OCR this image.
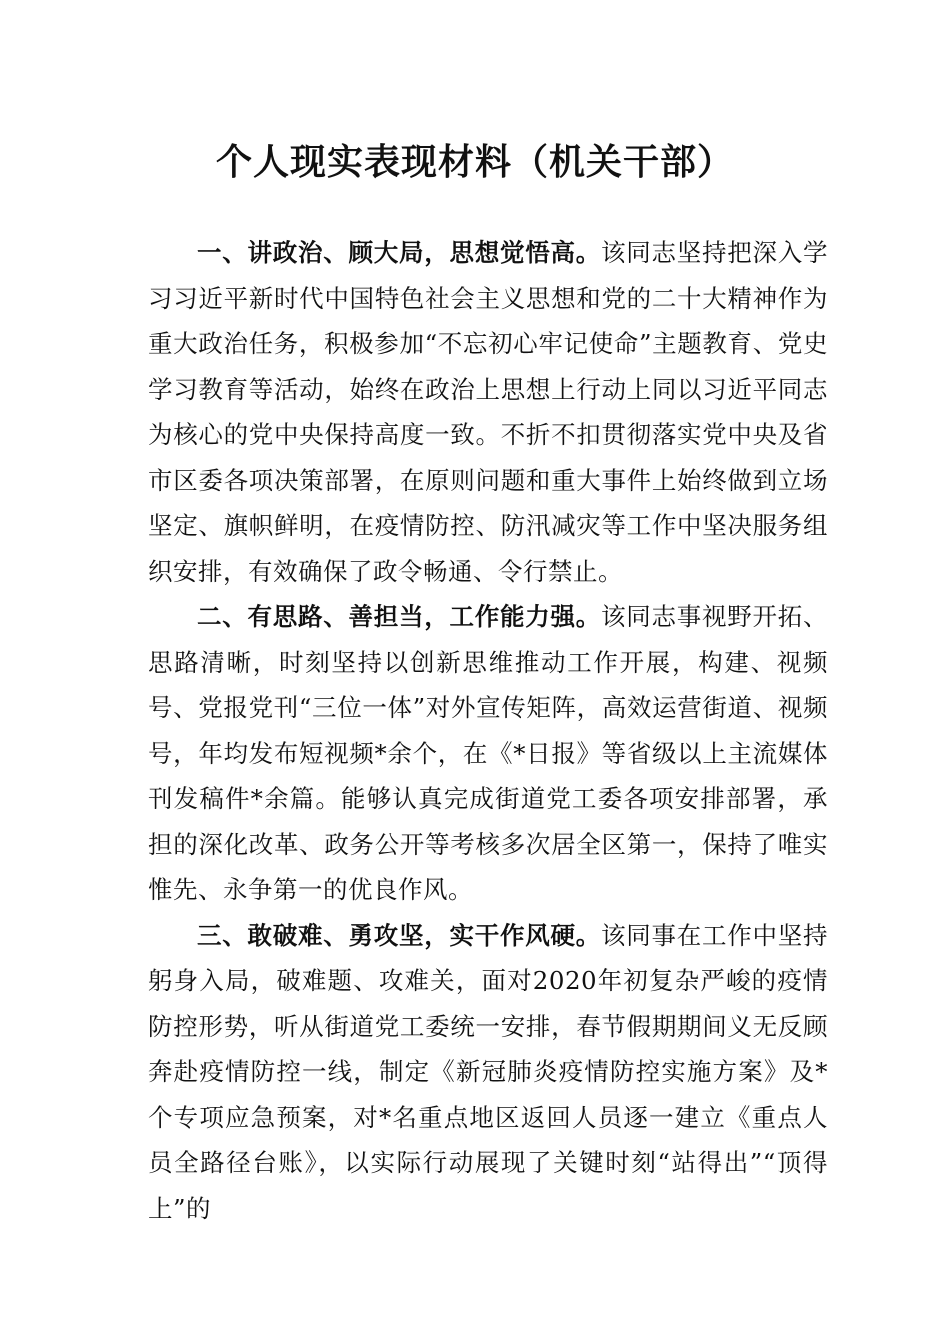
个人现实表现材料（机关干部）

一、讲政治、顾大局，思想觉悟高。该同志坚持把深入学习习近平新时代中国特色社会主义思想和党的二十大精神作为重大政治任务，积极参加“不忘初心牢记使命”主题教育、党史学习教育等活动，始终在政治上思想上行动上同以习近平同志为核心的党中央保持高度一致。不折不扣贯彻落实党中央及省市区委各项决策部署，在原则问题和重大事件上始终做到立场坚定、旗帜鲜明，在疫情防控、防汛减灾等工作中坚决服务组织安排，有效确保了政令畅通、令行禁止。

二、有思路、善担当，工作能力强。该同志事视野开拓、思路清晰，时刻坚持以创新思维推动工作开展，构建、视频号、党报党刊“三位一体”对外宣传矩阵，高效运营街道、视频号，年均发布短视频*余个，在《*日报》等省级以上主流媒体刊发稿件*余篇。能够认真完成街道党工委各项安排部署，承担的深化改革、政务公开等考核多次居全区第一，保持了唯实惟先、永争第一的优良作风。

三、敢破难、勇攻坚，实干作风硬。该同事在工作中坚持躬身入局，破难题、攻难关，面对2020年初复杂严峻的疫情防控形势，听从街道党工委统一安排，春节假期期间义无反顾奔赴疫情防控一线，制定《新冠肺炎疫情防控实施方案》及*个专项应急预案，对*名重点地区返回人员逐一建立《重点人员全路径台账》，以实际行动展现了关键时刻“站得出”“顶得上”的
